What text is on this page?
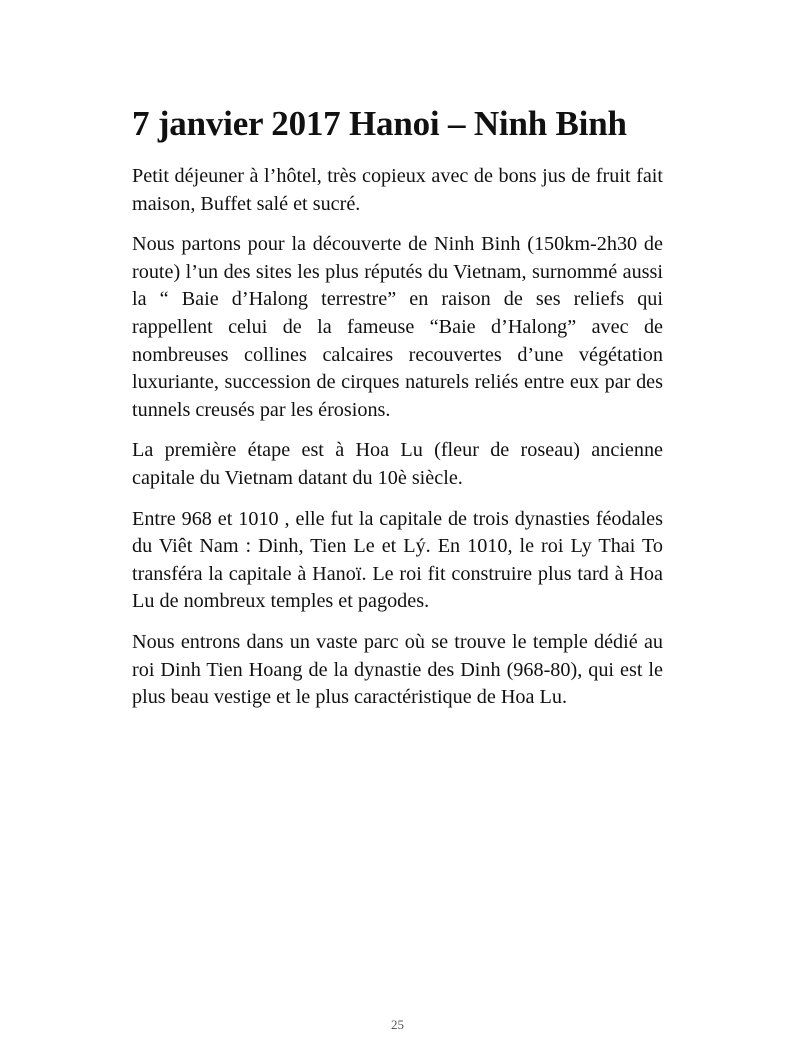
7 janvier 2017 Hanoi – Ninh Binh

Petit déjeuner à l’hôtel, très copieux avec de bons jus de fruit fait maison, Buffet salé et sucré.

Nous partons pour la découverte de Ninh Binh (150km-2h30 de route) l’un des sites les plus réputés du Vietnam, surnommé aussi la “ Baie d’Halong terrestre” en raison de ses reliefs qui rappellent celui de la fameuse “Baie d’Halong” avec de nombreuses collines calcaires recouvertes d’une végétation luxuriante, succession de cirques naturels reliés entre eux par des tunnels creusés par les érosions.

La première étape est à Hoa Lu (fleur de roseau) ancienne capitale du Vietnam datant du 10è siècle.

Entre 968 et 1010 , elle fut la capitale de trois dynasties féodales du Viêt Nam : Dinh, Tien Le et Lý. En 1010, le roi Ly Thai To transféra la capitale à Hanoï. Le roi fit construire plus tard à Hoa Lu de nombreux temples et pagodes.

Nous entrons dans un vaste parc où se trouve le temple dédié au roi Dinh Tien Hoang de la dynastie des Dinh (968-80), qui est le plus beau vestige et le plus caractéristique de Hoa Lu.

25
